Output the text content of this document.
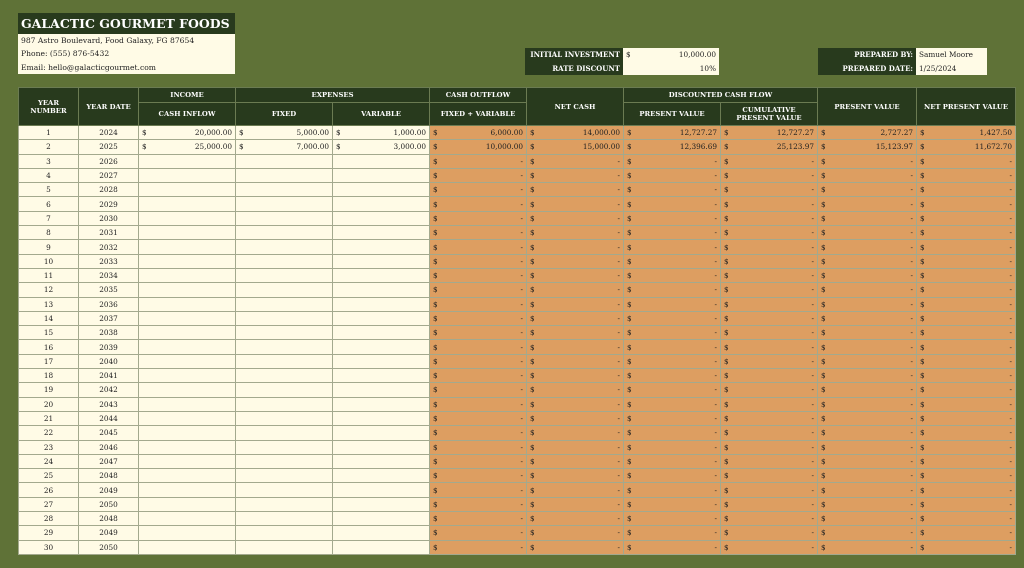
GALACTIC GOURMET FOODS
987 Astro Boulevard, Food Galaxy, FG 87654
Phone: (555) 876-5432
Email: hello@galacticgourmet.com
INITIAL INVESTMENT $	10,000.00
RATE DISCOUNT	10%
PREPARED BY: Samuel Moore
PREPARED DATE: 1/25/2024
YEAR NUMBER	YEAR DATE	INCOME	EXPENSES		CASH OUTFLOW	NET CASH	DISCOUNTED CASH FLOW		PRESENT VALUE	NET PRESENT VALUE
		CASH INFLOW	FIXED	VARIABLE	FIXED + VARIABLE		PRESENT VALUE	CUMULATIVE PRESENT VALUE		
1	2024	$ 20,000.00	$ 5,000.00	$ 1,000.00	$ 6,000.00	$ 14,000.00	$ 12,727.27	$ 12,727.27	$ 2,727.27	$ 1,427.50

2	2025	$ 25,000.00	$ 7,000.00	$ 3,000.00	$ 10,000.00	$ 15,000.00	$ 12,396.69	$ 25,123.97	$ 15,123.97	$ 11,672.70

3	2026				$ -	$ -	$ -	$ -	$ -	$ -

4	2027				$ -	$ -	$ -	$ -	$ -	$ -

5	2028				$ -	$ -	$ -	$ -	$ -	$ -

6	2029				$ -	$ -	$ -	$ -	$ -	$ -

7	2030				$ -	$ -	$ -	$ -	$ -	$ -

8	2031				$ -	$ -	$ -	$ -	$ -	$ -

9	2032				$ -	$ -	$ -	$ -	$ -	$ -

10	2033				$ -	$ -	$ -	$ -	$ -	$ -

11	2034				$ -	$ -	$ -	$ -	$ -	$ -

12	2035				$ -	$ -	$ -	$ -	$ -	$ -

13	2036				$ -	$ -	$ -	$ -	$ -	$ -

14	2037				$ -	$ -	$ -	$ -	$ -	$ -

15	2038				$ -	$ -	$ -	$ -	$ -	$ -

16	2039				$ -	$ -	$ -	$ -	$ -	$ -

17	2040				$ -	$ -	$ -	$ -	$ -	$ -

18	2041				$ -	$ -	$ -	$ -	$ -	$ -

19	2042				$ -	$ -	$ -	$ -	$ -	$ -

20	2043				$ -	$ -	$ -	$ -	$ -	$ -

21	2044				$ -	$ -	$ -	$ -	$ -	$ -

22	2045				$ -	$ -	$ -	$ -	$ -	$ -

23	2046				$ -	$ -	$ -	$ -	$ -	$ -

24	2047				$ -	$ -	$ -	$ -	$ -	$ -

25	2048				$ -	$ -	$ -	$ -	$ -	$ -

26	2049				$ -	$ -	$ -	$ -	$ -	$ -

27	2050				$ -	$ -	$ -	$ -	$ -	$ -

28	2048				$ -	$ -	$ -	$ -	$ -	$ -

29	2049				$ -	$ -	$ -	$ -	$ -	$ -

30	2050				$ -	$ -	$ -	$ -	$ -	$ -
